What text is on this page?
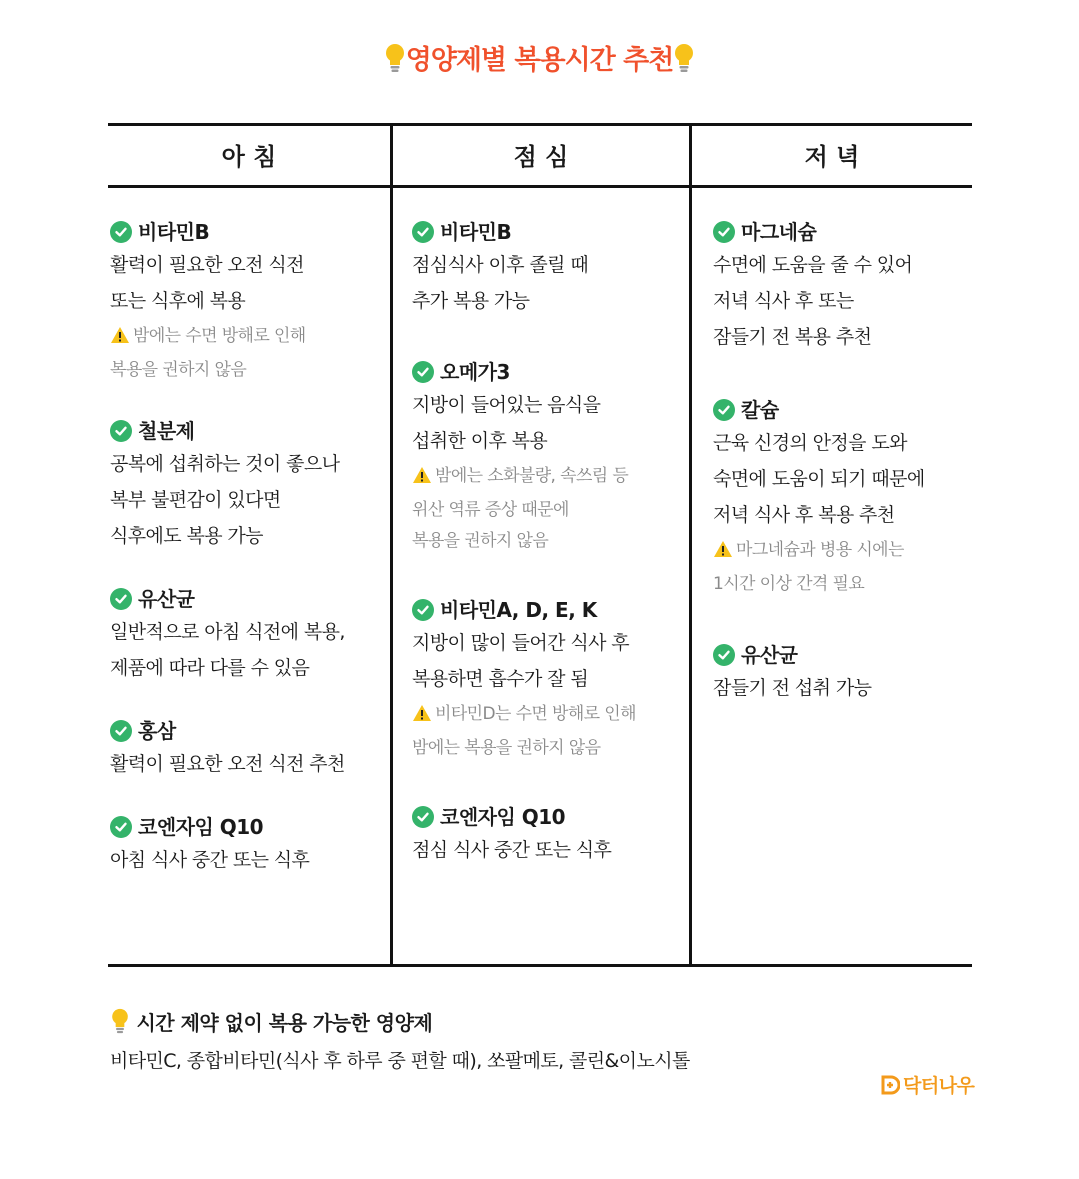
영양제별 복용시간 추천
아 침	점 심	저 녁
비타민B
활력이 필요한 오전 식전
또는 식후에 복용
밤에는 수면 방해로 인해
복용을 권하지 않음
철분제
공복에 섭취하는 것이 좋으나
복부 불편감이 있다면
식후에도 복용 가능
유산균
일반적으로 아침 식전에 복용,
제품에 따라 다를 수 있음
홍삼
활력이 필요한 오전 식전 추천
코엔자임 Q10
아침 식사 중간 또는 식후
비타민B
점심식사 이후 졸릴 때
추가 복용 가능
오메가3
지방이 들어있는 음식을
섭취한 이후 복용
밤에는 소화불량, 속쓰림 등
위산 역류 증상 때문에
복용을 권하지 않음
비타민A, D, E, K
지방이 많이 들어간 식사 후
복용하면 흡수가 잘 됨
비타민D는 수면 방해로 인해
밤에는 복용을 권하지 않음
코엔자임 Q10
점심 식사 중간 또는 식후
마그네슘
수면에 도움을 줄 수 있어
저녁 식사 후 또는
잠들기 전 복용 추천
칼슘
근육 신경의 안정을 도와
숙면에 도움이 되기 때문에
저녁 식사 후 복용 추천
마그네슘과 병용 시에는
1시간 이상 간격 필요
유산균
잠들기 전 섭취 가능
시간 제약 없이 복용 가능한 영양제
비타민C, 종합비타민(식사 후 하루 중 편할 때), 쏘팔메토, 콜린&이노시톨
닥터나우
